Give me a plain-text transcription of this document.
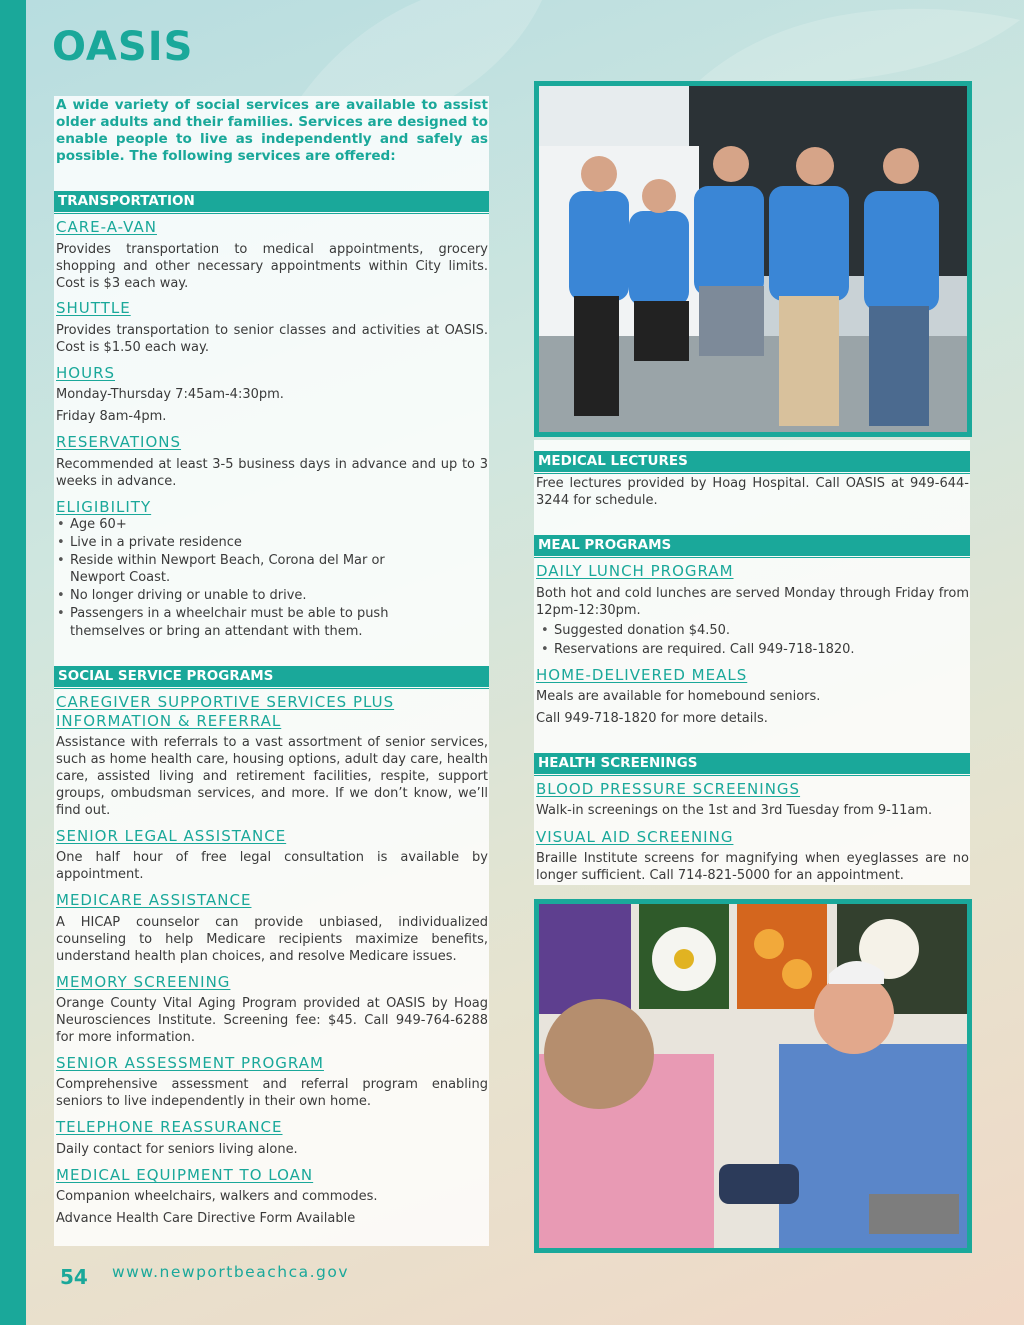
OASIS
A wide variety of social services are available to assist older adults and their families. Services are designed to enable people to live as independently and safely as possible. The following services are offered:
TRANSPORTATION
CARE-A-VAN
Provides transportation to medical appointments, grocery shopping and other necessary appointments within City limits. Cost is $3 each way.
SHUTTLE
Provides transportation to senior classes and activities at OASIS. Cost is $1.50 each way.
HOURS
Monday-Thursday 7:45am-4:30pm.
Friday 8am-4pm.
RESERVATIONS
Recommended at least 3-5 business days in advance and up to 3 weeks in advance.
ELIGIBILITY
• Age 60+
• Live in a private residence
• Reside within Newport Beach, Corona del Mar or Newport Coast.
• No longer driving or unable to drive.
• Passengers in a wheelchair must be able to push themselves or bring an attendant with them.
SOCIAL SERVICE PROGRAMS
CAREGIVER SUPPORTIVE SERVICES PLUS
INFORMATION & REFERRAL
Assistance with referrals to a vast assortment of senior services, such as home health care, housing options, adult day care, health care, assisted living and retirement facilities, respite, support groups, ombudsman services, and more. If we don’t know, we’ll find out.
SENIOR LEGAL ASSISTANCE
One half hour of free legal consultation is available by appointment.
MEDICARE ASSISTANCE
A HICAP counselor can provide unbiased, individualized counseling to help Medicare recipients maximize benefits, understand health plan choices, and resolve Medicare issues.
MEMORY SCREENING
Orange County Vital Aging Program provided at OASIS by Hoag Neurosciences Institute. Screening fee: $45. Call 949-764-6288 for more information.
SENIOR ASSESSMENT PROGRAM
Comprehensive assessment and referral program enabling seniors to live independently in their own home.
TELEPHONE REASSURANCE
Daily contact for seniors living alone.
MEDICAL EQUIPMENT TO LOAN
Companion wheelchairs, walkers and commodes.
Advance Health Care Directive Form Available
MEDICAL LECTURES
Free lectures provided by Hoag Hospital. Call OASIS at 949-644-3244 for schedule.
MEAL PROGRAMS
DAILY LUNCH PROGRAM
Both hot and cold lunches are served Monday through Friday from 12pm-12:30pm.
• Suggested donation $4.50.
• Reservations are required. Call 949-718-1820.
HOME-DELIVERED MEALS
Meals are available for homebound seniors.
Call 949-718-1820 for more details.
HEALTH SCREENINGS
BLOOD PRESSURE SCREENINGS
Walk-in screenings on the 1st and 3rd Tuesday from 9-11am.
VISUAL AID SCREENING
Braille Institute screens for magnifying when eyeglasses are no longer sufficient. Call 714-821-5000 for an appointment.
54 www.newportbeachca.gov
